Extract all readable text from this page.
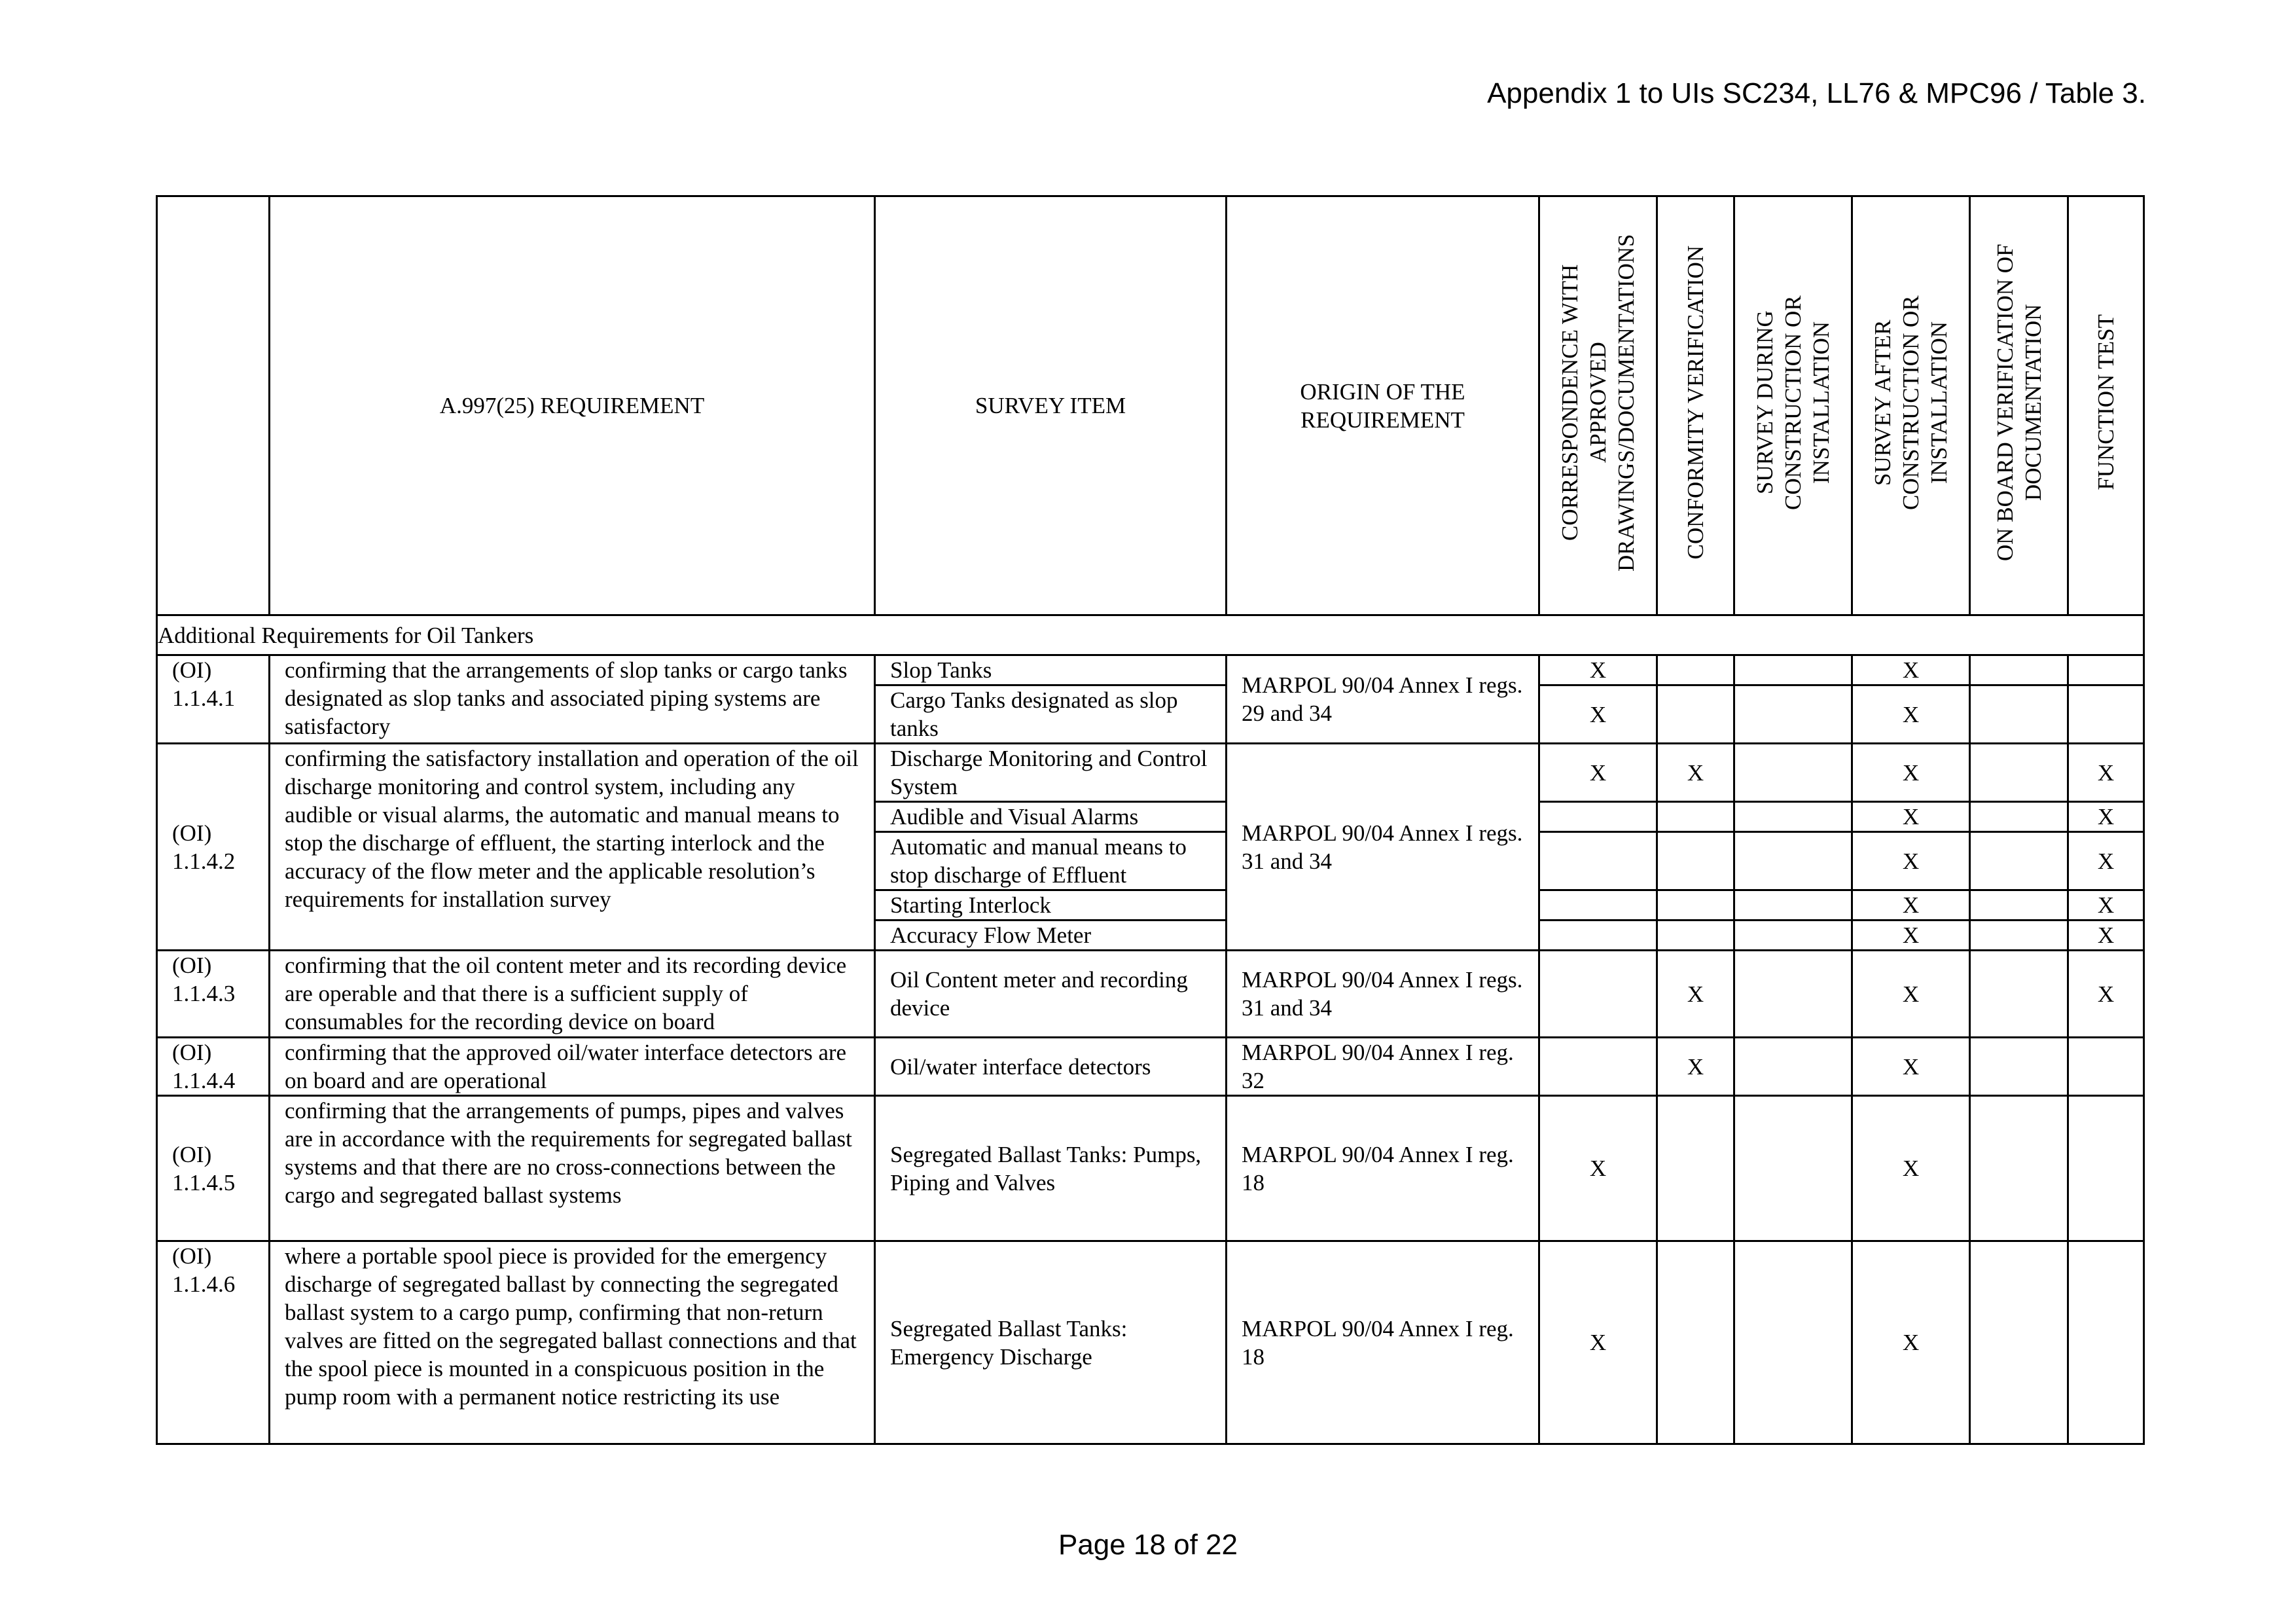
Appendix 1 to UIs SC234, LL76 & MPC96 / Table 3.
	A.997(25) REQUIREMENT	SURVEY ITEM	ORIGIN OF THE REQUIREMENT	CORRESPONDENCE WITH APPROVED DRAWINGS/DOCUMENTATIONS	CONFORMITY VERIFICATION	SURVEY DURING CONSTRUCTION OR INSTALLATION	SURVEY AFTER CONSTRUCTION OR INSTALLATION	ON BOARD VERIFICATION OF DOCUMENTATION	FUNCTION TEST
Additional Requirements for Oil Tankers									
(OI) 1.1.4.1	confirming that the arrangements of slop tanks or cargo tanks designated as slop tanks and associated piping systems are satisfactory	Slop Tanks	MARPOL 90/04 Annex I regs. 29 and 34	X			X		
		Cargo Tanks designated as slop tanks		X			X		
(OI) 1.1.4.2	confirming the satisfactory installation and operation of the oil discharge monitoring and control system, including any audible or visual alarms, the automatic and manual means to stop the discharge of effluent, the starting interlock and the accuracy of the flow meter and the applicable resolution’s requirements for installation survey	Discharge Monitoring and Control System	MARPOL 90/04 Annex I regs. 31 and 34	X	X		X		X
		Audible and Visual Alarms					X		X
		Automatic and manual means to stop discharge of Effluent					X		X
		Starting Interlock					X		X
		Accuracy Flow Meter					X		X
(OI) 1.1.4.3	confirming that the oil content meter and its recording device are operable and that there is a sufficient supply of consumables for the recording device on board	Oil Content meter and recording device	MARPOL 90/04 Annex I regs. 31 and 34		X		X		X
(OI) 1.1.4.4	confirming that the approved oil/water interface detectors are on board and are operational	Oil/water interface detectors	MARPOL 90/04 Annex I reg. 32		X		X		
(OI) 1.1.4.5	confirming that the arrangements of pumps, pipes and valves are in accordance with the requirements for segregated ballast systems and that there are no cross-connections between the cargo and segregated ballast systems	Segregated Ballast Tanks: Pumps, Piping and Valves	MARPOL 90/04 Annex I reg. 18	X			X		
(OI) 1.1.4.6	where a portable spool piece is provided for the emergency discharge of segregated ballast by connecting the segregated ballast system to a cargo pump, confirming that non-return valves are fitted on the segregated ballast connections and that the spool piece is mounted in a conspicuous position in the pump room with a permanent notice restricting its use	Segregated Ballast Tanks: Emergency Discharge	MARPOL 90/04 Annex I reg. 18	X			X		
Page 18 of 22
